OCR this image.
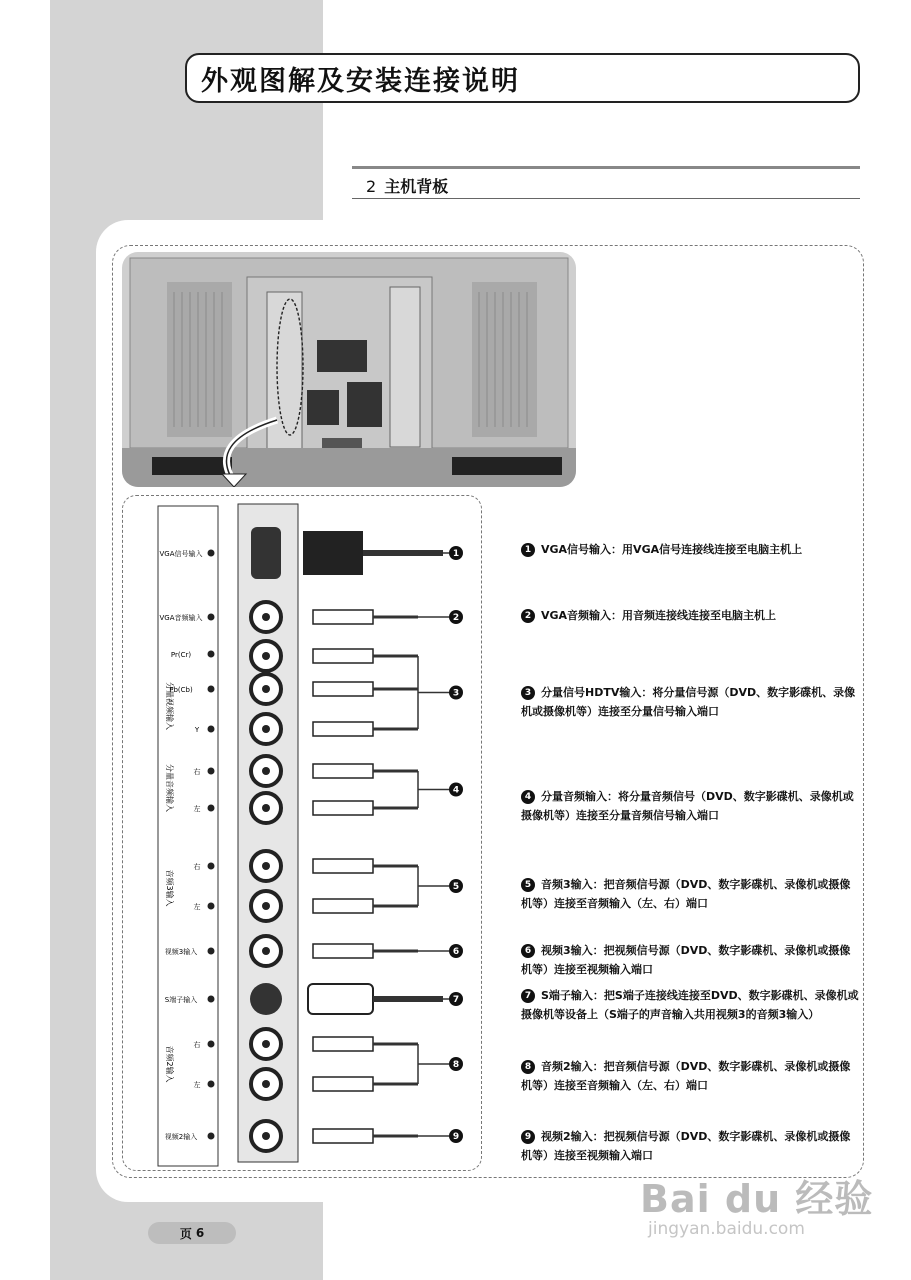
外观图解及安装连接说明
2 主机背板
VGA信号输入
VGA音频输入
Pr(Cr)
Pb(Cb)
Y
分量视频输入
右
左
分量音频输入
右
左
音频3输入
视频3输入
S端子输入
右
左
音频2输入
视频2输入
1
2
3
4
5
6
7
8
9
1 VGA信号输入：用VGA信号连接线连接至电脑主机上
2 VGA音频输入：用音频连接线连接至电脑主机上
3 分量信号HDTV输入：将分量信号源（DVD、数字影碟机、录像机或摄像机等）连接至分量信号输入端口
4 分量音频输入：将分量音频信号（DVD、数字影碟机、录像机或摄像机等）连接至分量音频信号输入端口
5 音频3输入：把音频信号源（DVD、数字影碟机、录像机或摄像机等）连接至音频输入（左、右）端口
6 视频3输入：把视频信号源（DVD、数字影碟机、录像机或摄像机等）连接至视频输入端口
7 S端子输入：把S端子连接线连接至DVD、数字影碟机、录像机或摄像机等设备上（S端子的声音输入共用视频3的音频3输入）
8 音频2输入：把音频信号源（DVD、数字影碟机、录像机或摄像机等）连接至音频输入（左、右）端口
9 视频2输入：把视频信号源（DVD、数字影碟机、录像机或摄像机等）连接至视频输入端口
页 6
Bai du 经验
jingyan.baidu.com
